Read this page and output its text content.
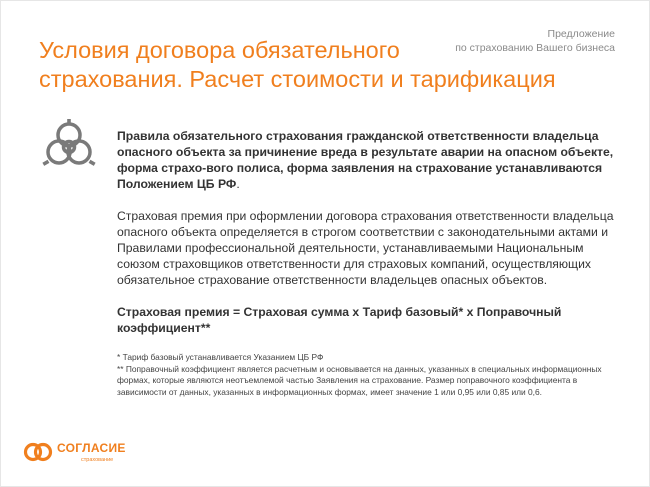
Предложение
по страхованию Вашего бизнеса
Условия договора обязательного
страхования. Расчет стоимости и тарификация

Правила обязательного страхования гражданской ответственности владельца опасного объекта за причинение вреда в результате аварии на опасном объекте, форма страхо-вого полиса, форма заявления на страхование устанавливаются Положением ЦБ РФ.

Страховая премия при оформлении договора страхования ответственности владельца опасного объекта определяется в строгом соответствии с законодательными актами и Правилами профессиональной деятельности, устанавливаемыми Национальным союзом страховщиков ответственности для страховых компаний, осуществляющих обязательное страхование ответственности владельцев опасных объектов.

Страховая премия = Страховая сумма х Тариф базовый* х Поправочный коэффициент**

* Тариф базовый устанавливается Указанием ЦБ РФ

** Поправочный коэффициент является расчетным и основывается на данных, указанных в специальных информационных формах, которые являются неотъемлемой частью Заявления на страхование. Размер поправочного коэффициента в зависимости от данных, указанных в информационных формах, имеет значение 1 или 0,95 или 0,85 или 0,6.

СОГЛАСИЕ
страхование
